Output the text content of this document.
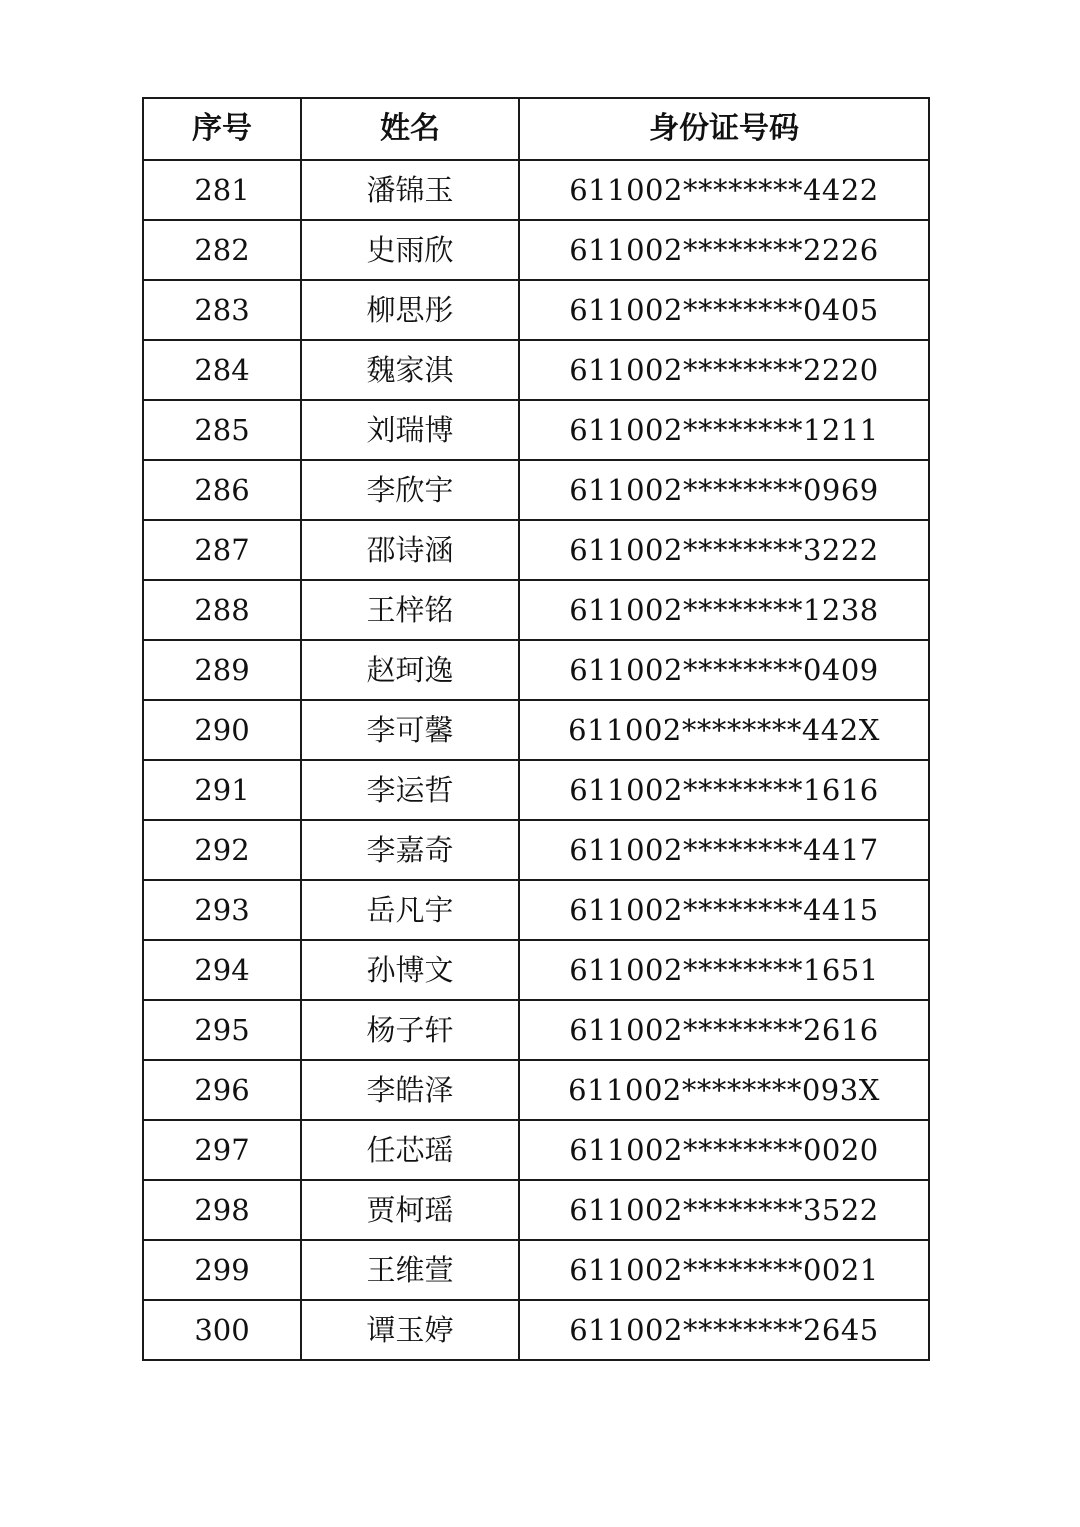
序号	姓名	身份证号码
281	潘锦玉	611002********4422
282	史雨欣	611002********2226
283	柳思彤	611002********0405
284	魏家淇	611002********2220
285	刘瑞博	611002********1211
286	李欣宇	611002********0969
287	邵诗涵	611002********3222
288	王梓铭	611002********1238
289	赵珂逸	611002********0409
290	李可馨	611002********442X
291	李运哲	611002********1616
292	李嘉奇	611002********4417
293	岳凡宇	611002********4415
294	孙博文	611002********1651
295	杨子轩	611002********2616
296	李皓泽	611002********093X
297	任芯瑶	611002********0020
298	贾柯瑶	611002********3522
299	王维萱	611002********0021
300	谭玉婷	611002********2645
